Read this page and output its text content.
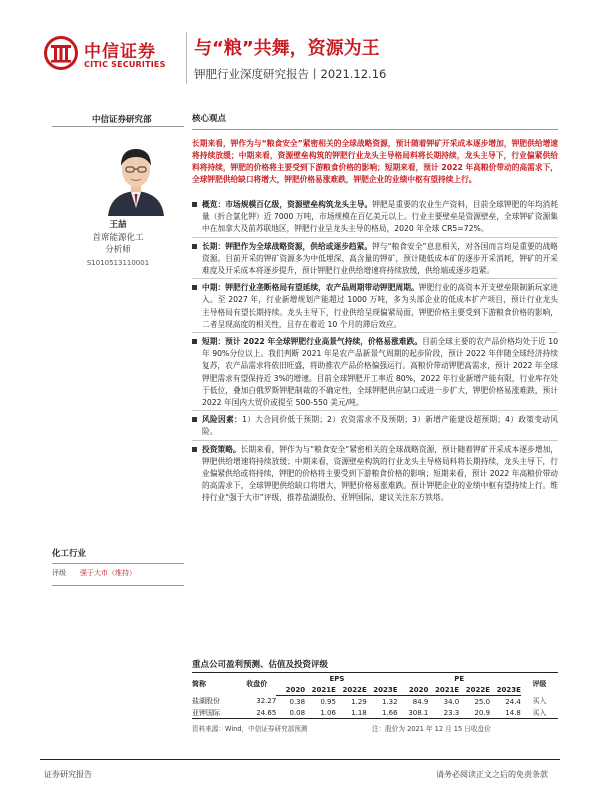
中信证券
CITIC SECURITIES
与“粮”共舞，资源为王
钾肥行业深度研究报告丨2021.12.16
中信证券研究部
王喆
首席能源化工
分析师
S1010513110001
化工行业
评级	强于大市（维持）
核心观点
长期来看，钾作为与“粮食安全”紧密相关的全球战略资源，预计随着钾矿开采成本逐步增加，钾肥供给增速将持续放缓；中期来看，资源壁垒构筑的钾肥行业龙头主导格局料将长期持续，龙头主导下，行业偏紧供给料将持续，钾肥的价格将主要受到下游粮食价格的影响；短期来看，预计 2022 年高粮价带动的高需求下，全球钾肥供给缺口将增大，钾肥价格易涨难跌，钾肥企业的业绩中枢有望持续上行。
概览：市场规模百亿级，资源壁垒构筑龙头主导。钾肥是重要的农业生产资料，目前全球钾肥的年均消耗量（折合氯化钾）近 7000 万吨，市场规模在百亿美元以上。行业主要壁垒是资源壁垒，全球钾矿资源集中在加拿大及前苏联地区，钾肥行业呈龙头主导的格局，2020 年全球 CR5=72%。
长期：钾肥作为全球战略资源，供给或逐步趋紧。钾与“粮食安全”息息相关，对各国而言均是重要的战略资源。目前开采的钾矿资源多为中低埋深、高含量的钾矿，预计随低成本矿的逐步开采消耗，钾矿的开采难度及开采成本将逐步提升，预计钾肥行业供给增速将持续放缓，供给端或逐步趋紧。
中期：钾肥行业垄断格局有望延续，农产品周期带动钾肥周期。钾肥行业的高资本开支壁垒限制新玩家进入。至 2027 年，行业新增规划产能超过 1000 万吨，多为头部企业的低成本扩产项目，预计行业龙头主导格局有望长期持续。龙头主导下，行业供给呈现偏紧局面，钾肥价格主要受到下游粮食价格的影响，二者呈现高度的相关性，且存在着近 10 个月的滞后效应。
短期：预计 2022 年全球钾肥行业高景气持续，价格易涨难跌。目前全球主要的农产品价格均处于近 10 年 90%分位以上。我们判断 2021 年是农产品新景气周期的起步阶段，预计 2022 年伴随全球经济持续复苏，农产品需求将依旧旺盛，将助推农产品价格偏强运行。高粮价带动钾肥高需求，预计 2022 年全球钾肥需求有望保持近 3%的增速。目前全球钾肥开工率近 80%，2022 年行业新增产能有限，行业库存处于低位，叠加白俄罗斯钾肥制裁的不确定性，全球钾肥供应缺口或进一步扩大，钾肥价格易涨难跌，预计 2022 年国内大贸价或提至 500-550 美元/吨。
风险因素：1）大合同价低于预期；2）农资需求不及预期；3）新增产能建设超预期；4）政策变动风险。
投资策略。长期来看，钾作为与“粮食安全”紧密相关的全球战略资源，预计随着钾矿开采成本逐步增加，钾肥供给增速将持续放缓；中期来看，资源壁垒构筑的行业龙头主导格局料将长期持续，龙头主导下，行业偏紧供给或将持续，钾肥的价格将主要受到下游粮食价格的影响；短期来看，预计 2022 年高粮价带动的高需求下，全球钾肥供给缺口将增大，钾肥价格易涨难跌。预计钾肥企业的业绩中枢有望持续上行。维持行业“强于大市”评级，推荐盐湖股份、亚钾国际，建议关注东方铁塔。
重点公司盈利预测、估值及投资评级
简称	收盘价	EPS				PE				评级
		2020	2021E	2022E	2023E	2020	2021E	2022E	2023E	
盐湖股份	32.27	0.38	0.95	1.29	1.32	84.9	34.0	25.0	24.4	买入
亚钾国际	24.65	0.08	1.06	1.18	1.66	308.1	23.3	20.9	14.8	买入
资料来源：Wind，中信证券研究部预测	注：股价为 2021 年 12 月 15 日收盘价
证券研究报告	请务必阅读正文之后的免责条款
